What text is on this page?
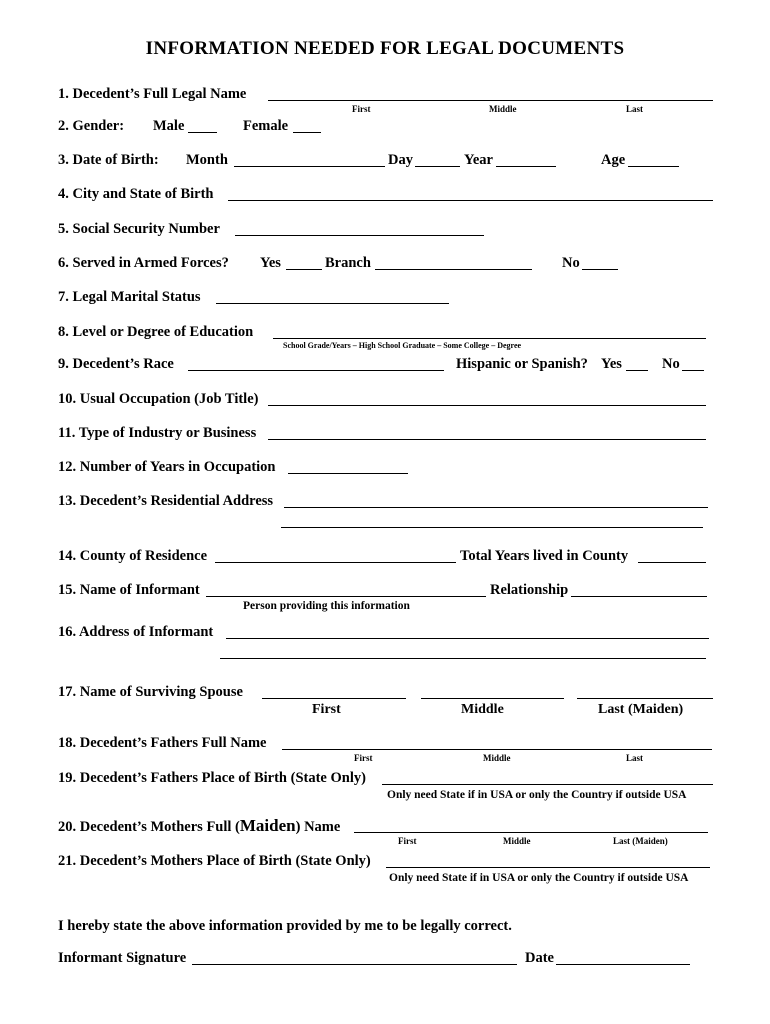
INFORMATION NEEDED FOR LEGAL DOCUMENTS
1. Decedent’s Full Legal Name
First	Middle	Last
2. Gender: Male	Female
3. Date of Birth: Month	Day	Year	Age
4. City and State of Birth
5. Social Security Number
6. Served in Armed Forces? Yes	Branch	No
7. Legal Marital Status
8. Level or Degree of Education
School Grade/Years – High School Graduate – Some College – Degree
9. Decedent’s Race	Hispanic or Spanish? Yes	No
10. Usual Occupation (Job Title)
11. Type of Industry or Business
12. Number of Years in Occupation
13. Decedent’s Residential Address
14. County of Residence	Total Years lived in County
15. Name of Informant	Relationship
Person providing this information
16. Address of Informant
17. Name of Surviving Spouse
First	Middle	Last (Maiden)
18. Decedent’s Fathers Full Name
First	Middle	Last
19. Decedent’s Fathers Place of Birth (State Only)
Only need State if in USA or only the Country if outside USA
20. Decedent’s Mothers Full (Maiden) Name
First	Middle	Last (Maiden)
21. Decedent’s Mothers Place of Birth (State Only)
Only need State if in USA or only the Country if outside USA
I hereby state the above information provided by me to be legally correct.
Informant Signature	Date
